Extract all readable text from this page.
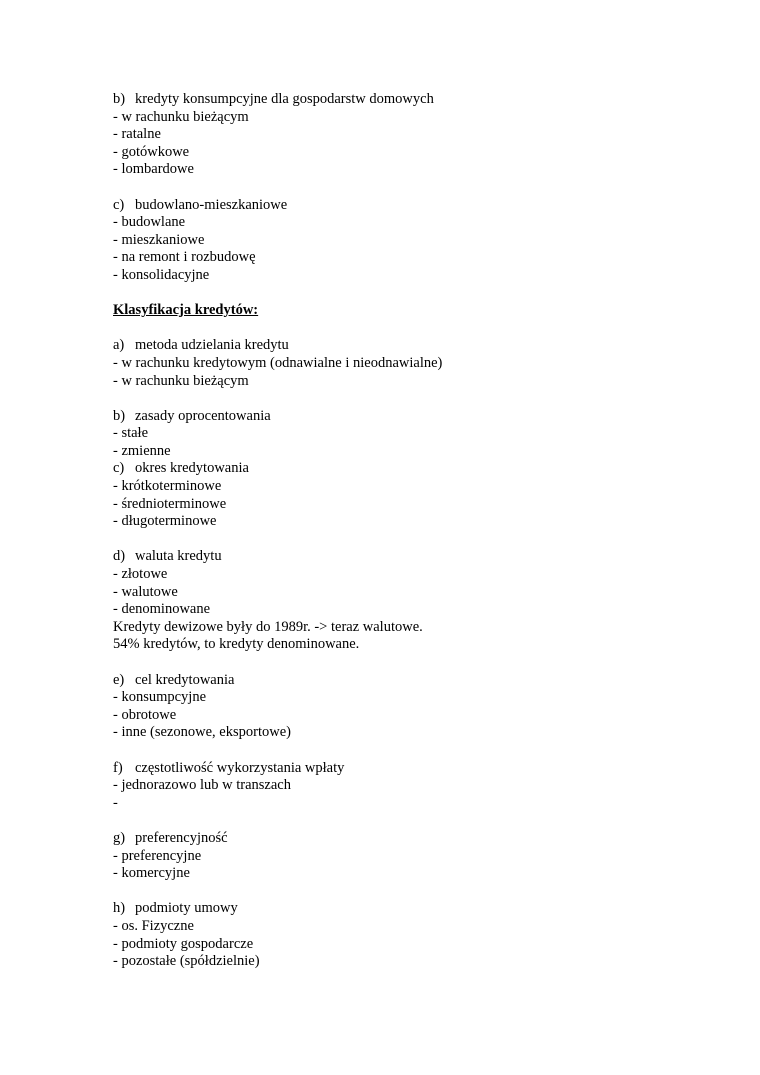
b) kredyty konsumpcyjne dla gospodarstw domowych
- w rachunku bieżącym
- ratalne
- gotówkowe
- lombardowe
c) budowlano-mieszkaniowe
- budowlane
- mieszkaniowe
- na remont i rozbudowę
- konsolidacyjne
Klasyfikacja kredytów:
a) metoda udzielania kredytu
- w rachunku kredytowym (odnawialne i nieodnawialne)
- w rachunku bieżącym
b) zasady oprocentowania
- stałe
- zmienne
c) okres kredytowania
- krótkoterminowe
- średnioterminowe
- długoterminowe
d) waluta kredytu
- złotowe
- walutowe
- denominowane
Kredyty dewizowe były do 1989r. -> teraz walutowe.
54% kredytów, to kredyty denominowane.
e) cel kredytowania
- konsumpcyjne
- obrotowe
- inne (sezonowe, eksportowe)
f) częstotliwość wykorzystania wpłaty
- jednorazowo lub w transzach
-
g) preferencyjność
- preferencyjne
- komercyjne
h) podmioty umowy
- os. Fizyczne
- podmioty gospodarcze
- pozostałe (spółdzielnie)
